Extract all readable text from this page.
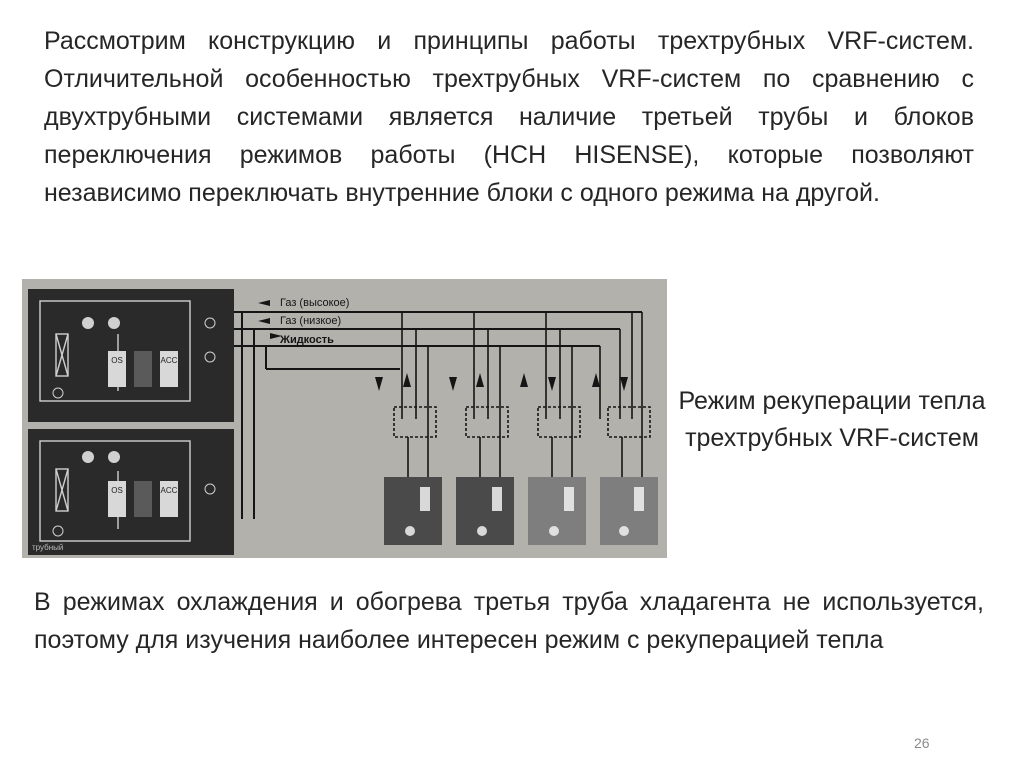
Рассмотрим конструкцию и принципы работы трехтрубных VRF-систем. Отличительной особенностью трехтрубных VRF-систем по сравнению с двухтрубными системами является наличие третьей трубы и блоков переключения режимов работы (HCH HISENSE), которые позволяют независимо переключать внутренние блоки с одного режима на другой.

OS	ACC
OS	ACC
трубный
Газ (высокое)
Газ (низкое)
Жидкость

Режим рекуперации тепла трехтрубных VRF-систем

В режимах охлаждения и обогрева третья труба хладагента не используется, поэтому для изучения наиболее интересен режим с рекуперацией тепла

26
